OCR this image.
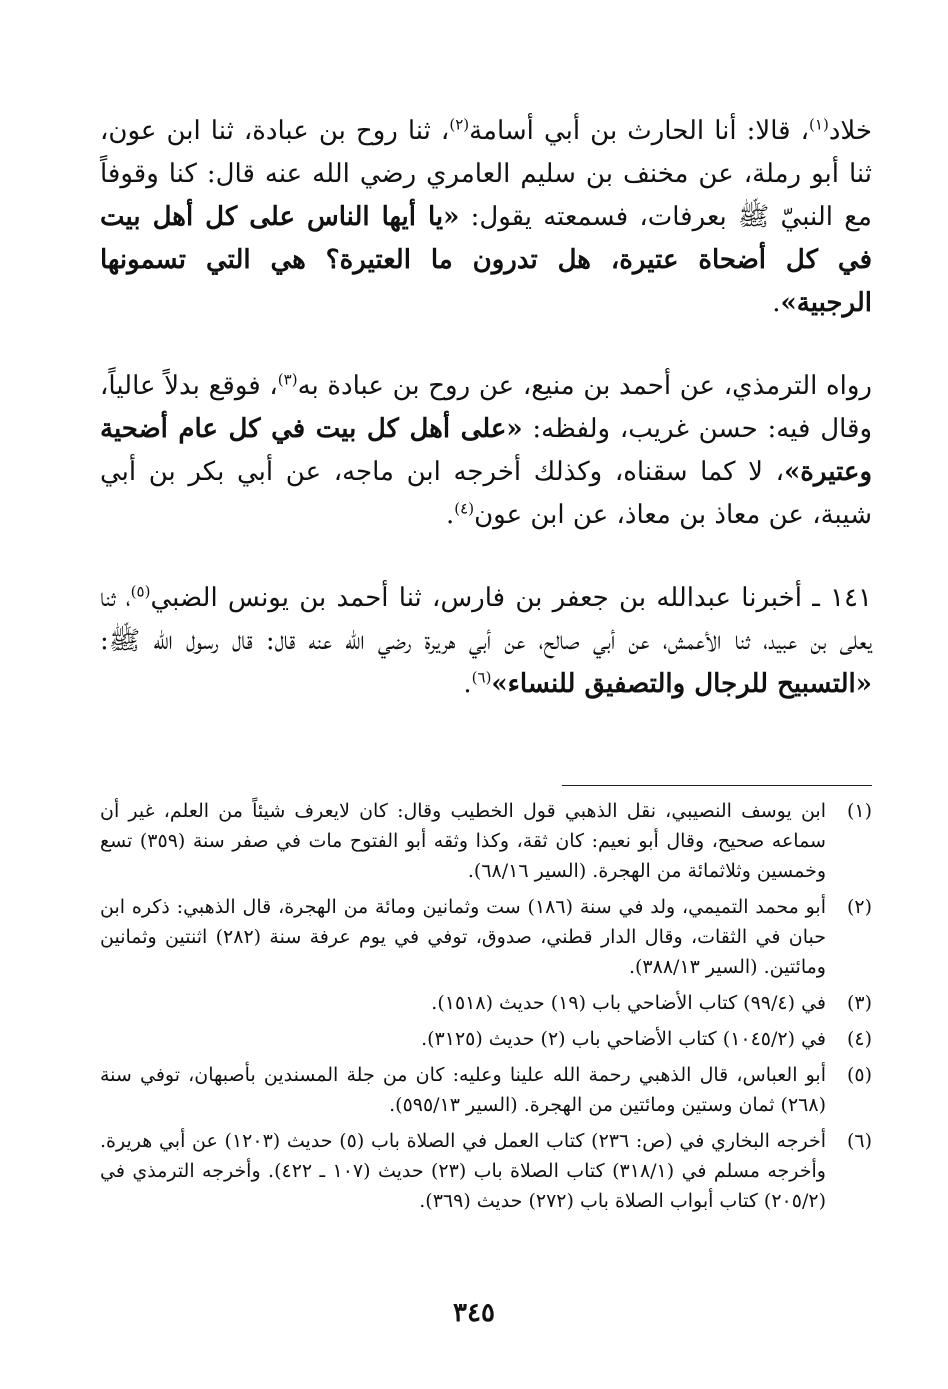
خلاد$^{(١)}$، قالا: أنا الحارث بن أبي أسامة$^{(٢)}$، ثنا روح بن عبادة، ثنا ابن عون، ثنا أبو رملة، عن مخنف بن سليم العامري رضي الله عنه قال: كنا وقوفاً مع النبيّ ﷺ بعرفات، فسمعته يقول: «يا أيها الناس على كل أهل بيت في كل أضحاة عتيرة، هل تدرون ما العتيرة؟ هي التي تسمونها الرجبية».

رواه الترمذي، عن أحمد بن منيع، عن روح بن عبادة به$^{(٣)}$، فوقع بدلاً عالياً، وقال فيه: حسن غريب، ولفظه: «على أهل كل بيت في كل عام أضحية وعتيرة»، لا كما سقناه، وكذلك أخرجه ابن ماجه، عن أبي بكر بن أبي شيبة، عن معاذ بن معاذ، عن ابن عون$^{(٤)}$.

١٤١ ـ أخبرنا عبدالله بن جعفر بن فارس، ثنا أحمد بن يونس الضبي$^{(٥)}$، ثنا يعلى بن عبيد، ثنا الأعمش، عن أبي صالح، عن أبي هريرة رضي الله عنه قال: قال رسول الله ﷺ: «التسبيح للرجال والتصفيق للنساء»$^{(٦)}$.

(١)
ابن يوسف النصيبي، نقل الذهبي قول الخطيب وقال: كان لايعرف شيئاً من العلم، غير أن سماعه صحيح، وقال أبو نعيم: كان ثقة، وكذا وثقه أبو الفتوح مات في صفر سنة (٣٥٩) تسع وخمسين وثلاثمائة من الهجرة. (السير ٦٨/١٦).
(٢)
أبو محمد التميمي، ولد في سنة (١٨٦) ست وثمانين ومائة من الهجرة، قال الذهبي: ذكره ابن حبان في الثقات، وقال الدار قطني، صدوق، توفي في يوم عرفة سنة (٢٨٢) اثنتين وثمانين ومائتين. (السير ٣٨٨/١٣).
(٣)
في (٩٩/٤) كتاب الأضاحي باب (١٩) حديث (١٥١٨).
(٤)
في (١٠٤٥/٢) كتاب الأضاحي باب (٢) حديث (٣١٢٥).
(٥)
أبو العباس، قال الذهبي رحمة الله علينا وعليه: كان من جلة المسندين بأصبهان، توفي سنة (٢٦٨) ثمان وستين ومائتين من الهجرة. (السير ٥٩٥/١٣).
(٦)
أخرجه البخاري في (ص: ٢٣٦) كتاب العمل في الصلاة باب (٥) حديث (١٢٠٣) عن أبي هريرة. وأخرجه مسلم في (٣١٨/١) كتاب الصلاة باب (٢٣) حديث (١٠٧ ـ ٤٢٢). وأخرجه الترمذي في (٢٠٥/٢) كتاب أبواب الصلاة باب (٢٧٢) حديث (٣٦٩).
٣٤٥
